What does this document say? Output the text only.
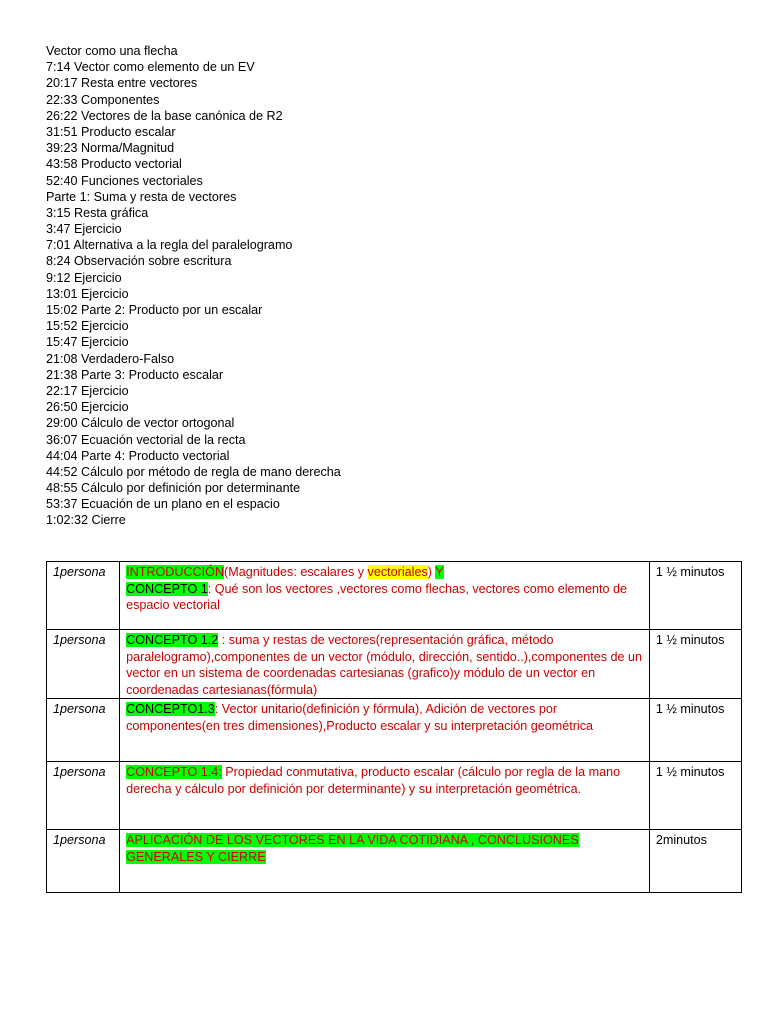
Vector como una flecha
7:14 Vector como elemento de un EV
20:17 Resta entre vectores
22:33 Componentes
26:22 Vectores de la base canónica de R2
31:51 Producto escalar
39:23 Norma/Magnitud
43:58 Producto vectorial
52:40 Funciones vectoriales
Parte 1: Suma y resta de vectores
3:15 Resta gráfica
3:47 Ejercicio
7:01 Alternativa a la regla del paralelogramo
8:24 Observación sobre escritura
9:12 Ejercicio
13:01 Ejercicio
15:02 Parte 2: Producto por un escalar
15:52 Ejercicio
15:47 Ejercicio
21:08 Verdadero-Falso
21:38 Parte 3: Producto escalar
22:17 Ejercicio
26:50 Ejercicio
29:00 Cálculo de vector ortogonal
36:07 Ecuación vectorial de la recta
44:04 Parte 4: Producto vectorial
44:52 Cálculo por método de regla de mano derecha
48:55 Cálculo por definición por determinante
53:37 Ecuación de un plano en el espacio
1:02:32 Cierre
1persona	INTRODUCCIÓN(Magnitudes: escalares y vectoriales) Y
CONCEPTO 1: Qué son los vectores ,vectores como flechas, vectores como elemento de espacio vectorial	1 ½ minutos
1persona	CONCEPTO 1.2 : suma y restas de vectores(representación gráfica, método paralelogramo),componentes de un vector (módulo, dirección, sentido..),componentes de un vector en un sistema de coordenadas cartesianas (grafico)y módulo de un vector en coordenadas cartesianas(fórmula)	1 ½ minutos
1persona	CONCEPTO1.3: Vector unitario(definición y fórmula), Adición de vectores por componentes(en tres dimensiones),Producto escalar y su interpretación geométrica	1 ½ minutos
1persona	CONCEPTO 1.4: Propiedad conmutativa, producto escalar (cálculo por regla de la mano derecha y cálculo por definición por determinante) y su interpretación geométrica.	1 ½ minutos
1persona	APLICACIÓN DE LOS VECTORES EN LA VIDA COTIDIANA , CONCLUSIONES GENERALES Y CIERRE	2minutos
